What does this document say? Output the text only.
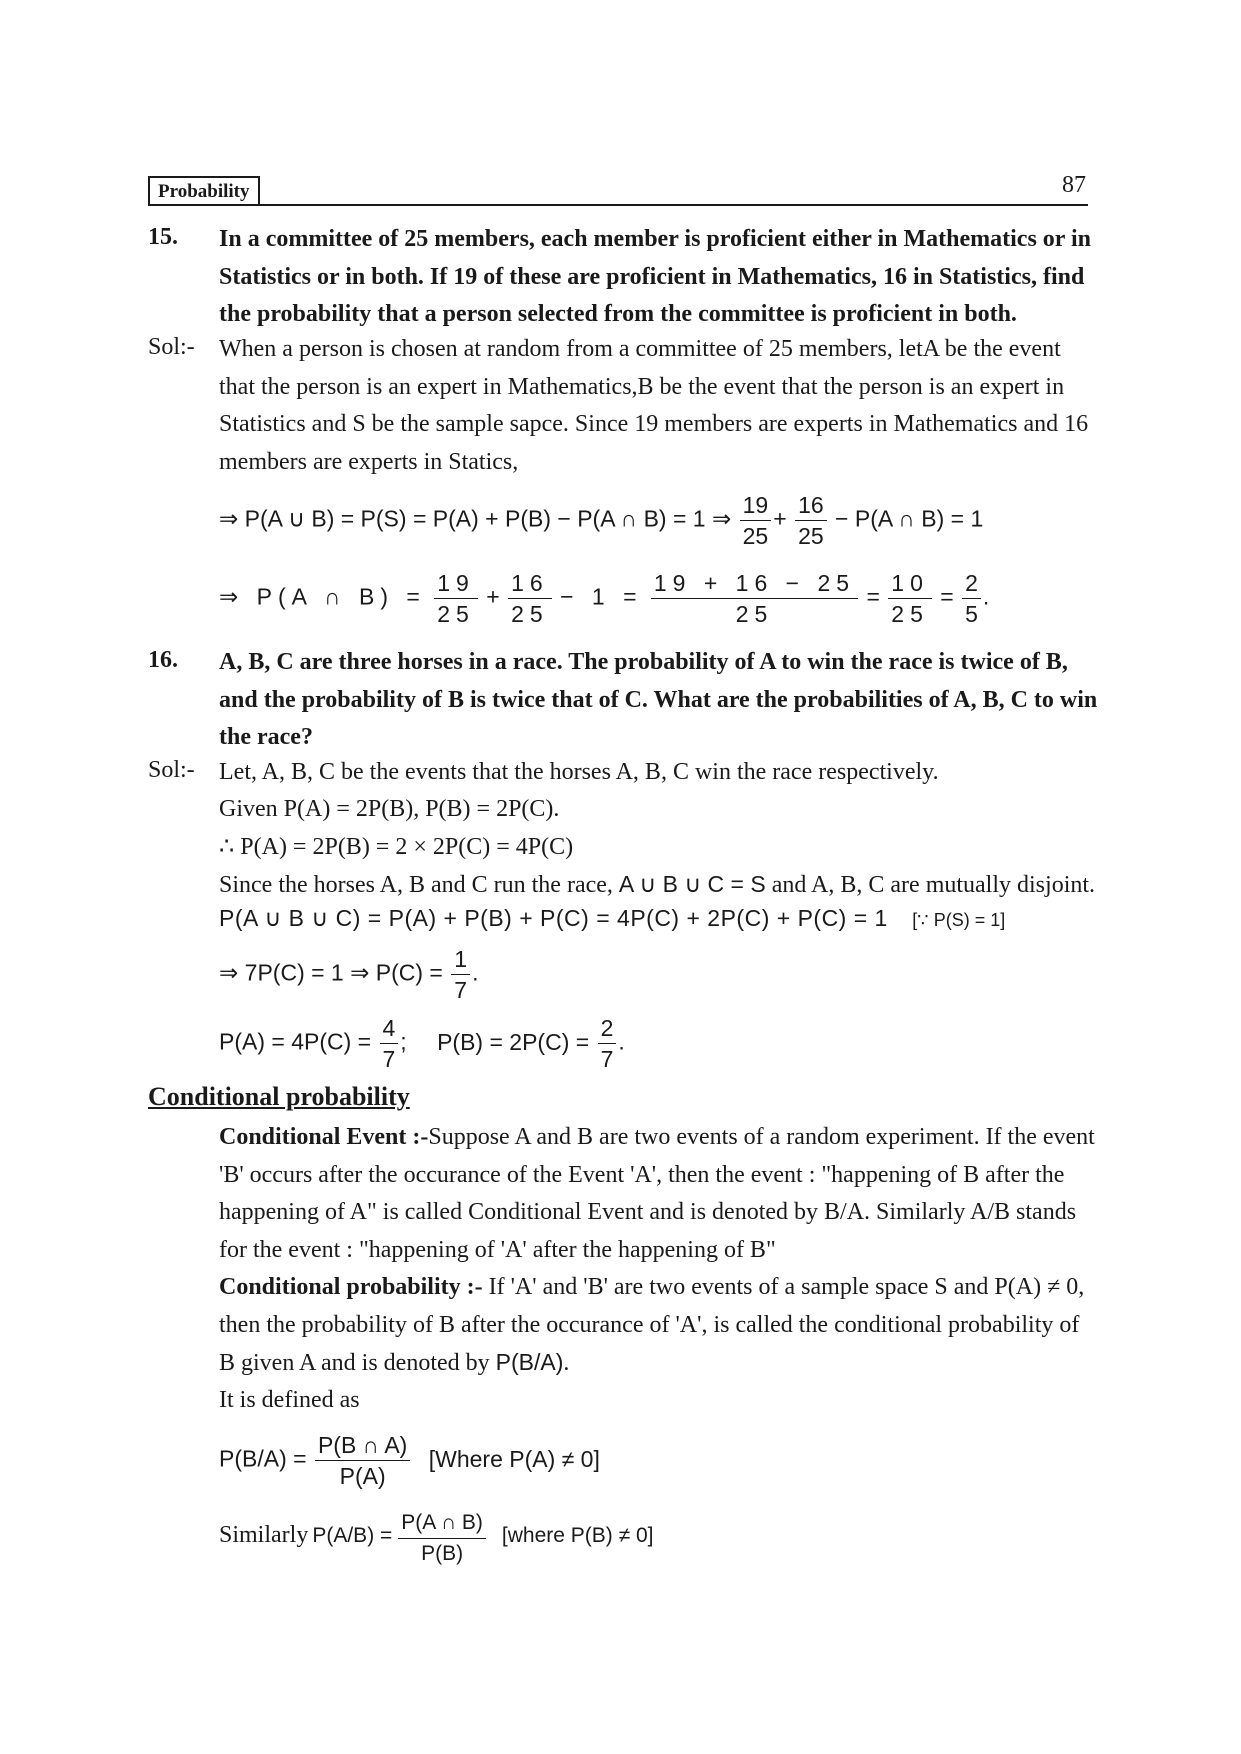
Probability	87
15. In a committee of 25 members, each member is proficient either in Mathematics or in Statistics or in both. If 19 of these are proficient in Mathematics, 16 in Statistics, find the probability that a person selected from the committee is proficient in both.
Sol:- When a person is chosen at random from a committee of 25 members, letA be the event that the person is an expert in Mathematics,B be the event that the person is an expert in Statistics and S be the sample sapce. Since 19 members are experts in Mathematics and 16 members are experts in Statics,
⇒ P(A ∪ B) = P(S) = P(A) + P(B) − P(A ∩ B) = 1 ⇒ $\frac{19}{25} + \frac{16}{25} - P(A$ ∩ B) = 1
⇒ P(A ∩ $B) = \frac{19}{25} + \frac{16}{25} - 1 = \frac{19 + 16 - 25}{25} = \frac{10}{25} = \frac{2}{5}$ .
16. A, B, C are three horses in a race. The probability of A to win the race is twice of B, and the probability of B is twice that of C. What are the probabilities of A, B, C to win the race?
Sol:- Let, A, B, C be the events that the horses A, B, C win the race respectively.
Given P(A) = 2P(B), P(B) = 2P(C).
∴ P(A) = 2P(B) = 2 × 2P(C) = 4P(C)
Since the horses A, B and C run the race, A ∪ B ∪ C = S and A, B, C are mutually disjoint.
P(A ∪ B ∪ C) = P(A) + P(B) + P(C) = 4P(C) + 2P(C) + P(C) = 1 [∵ P(S) = 1]
⇒ 7P(C) = 1 ⇒ $P(C) = \frac{1}{7}$ .
$P(A) = 4P(C) = \frac{4}{7}$ ; $P(B) = 2P(C) = \frac{2}{7}$ .
Conditional probability
Conditional Event :-Suppose A and B are two events of a random experiment. If the event 'B' occurs after the occurance of the Event 'A', then the event : "happening of B after the happening of A" is called Conditional Event and is denoted by B/A. Similarly A/B stands for the event : "happening of 'A' after the happening of B"
Conditional probability :- If 'A' and 'B' are two events of a sample space S and P(A) ≠ 0, then the probability of B after the occurance of 'A', is called the conditional probability of B given A and is denoted by P(B/A).
It is defined as
$P(B/A) = \frac{P(B \cap A)}{P(A)}$ [Where P(A) ≠ 0]
Similarly $P(A/B) = \frac{P(A \cap B)}{P(B)}$ [where P(B) ≠ 0]
